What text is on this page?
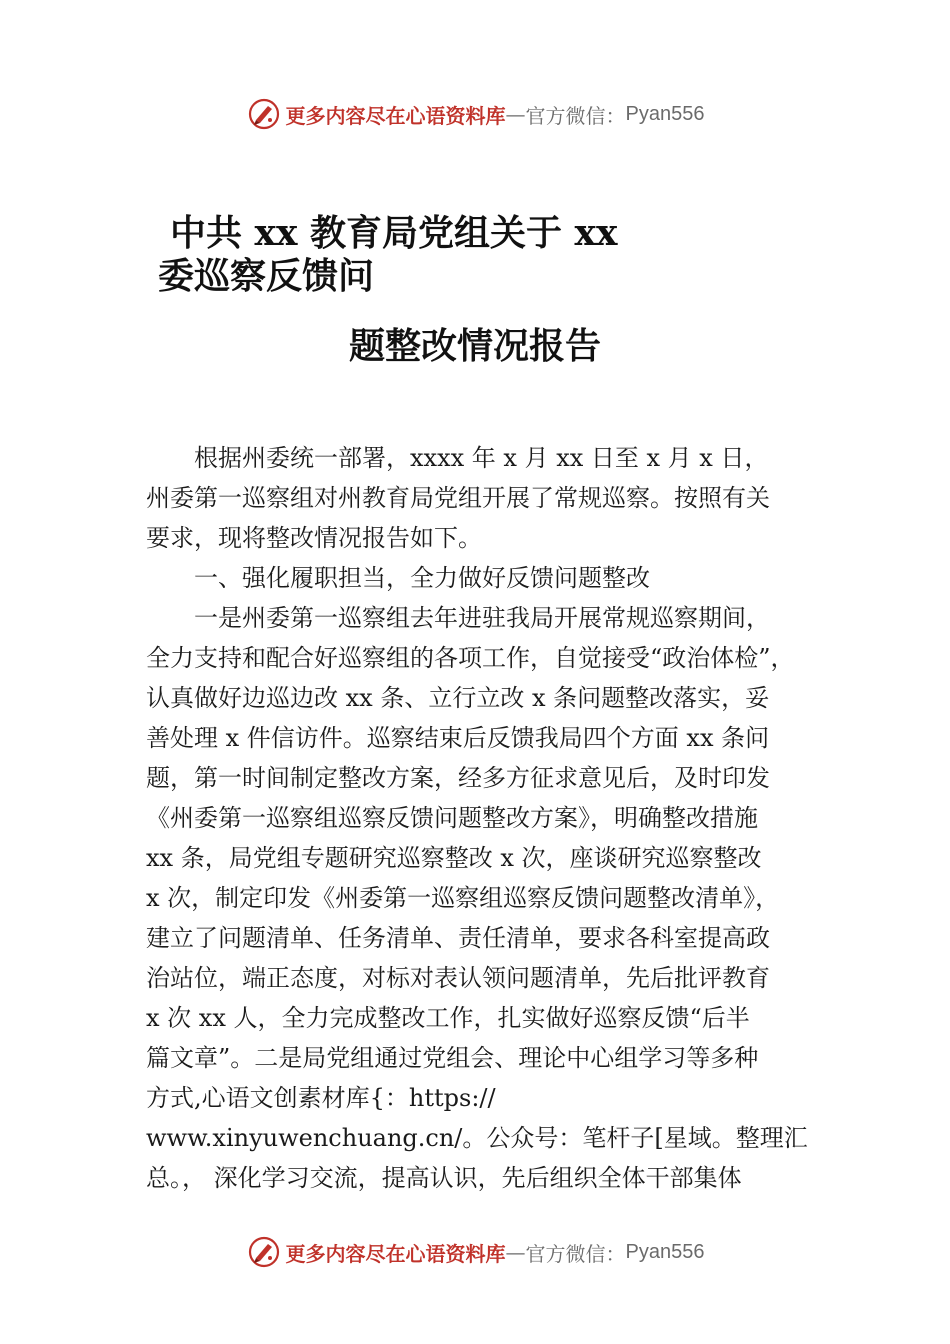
更多内容尽在心语资料库 — 官方微信： Pyan556
中共 xx 教育局党组关于 xx
委巡察反馈问
题整改情况报告
根据州委统一部署，xxxx 年 x 月 xx 日至 x 月 x 日，
州委第一巡察组对州教育局党组开展了常规巡察。按照有关
要求，现将整改情况报告如下。
一、强化履职担当，全力做好反馈问题整改
一是州委第一巡察组去年进驻我局开展常规巡察期间，
全力支持和配合好巡察组的各项工作，自觉接受“政治体检”，
认真做好边巡边改 xx 条、立行立改 x 条问题整改落实，妥
善处理 x 件信访件。巡察结束后反馈我局四个方面 xx 条问
题，第一时间制定整改方案，经多方征求意见后，及时印发
《州委第一巡察组巡察反馈问题整改方案》，明确整改措施
xx 条，局党组专题研究巡察整改 x 次，座谈研究巡察整改
x 次，制定印发《州委第一巡察组巡察反馈问题整改清单》，
建立了问题清单、任务清单、责任清单，要求各科室提高政
治站位，端正态度，对标对表认领问题清单，先后批评教育
x 次 xx 人，全力完成整改工作，扎实做好巡察反馈“后半
篇文章”。二是局党组通过党组会、理论中心组学习等多种
方式,心语文创素材库{：https://
www.xinyuwenchuang.cn/。公众号：笔杆子[星域。整理汇
总。， 深化学习交流，提高认识，先后组织全体干部集体
更多内容尽在心语资料库 — 官方微信： Pyan556
